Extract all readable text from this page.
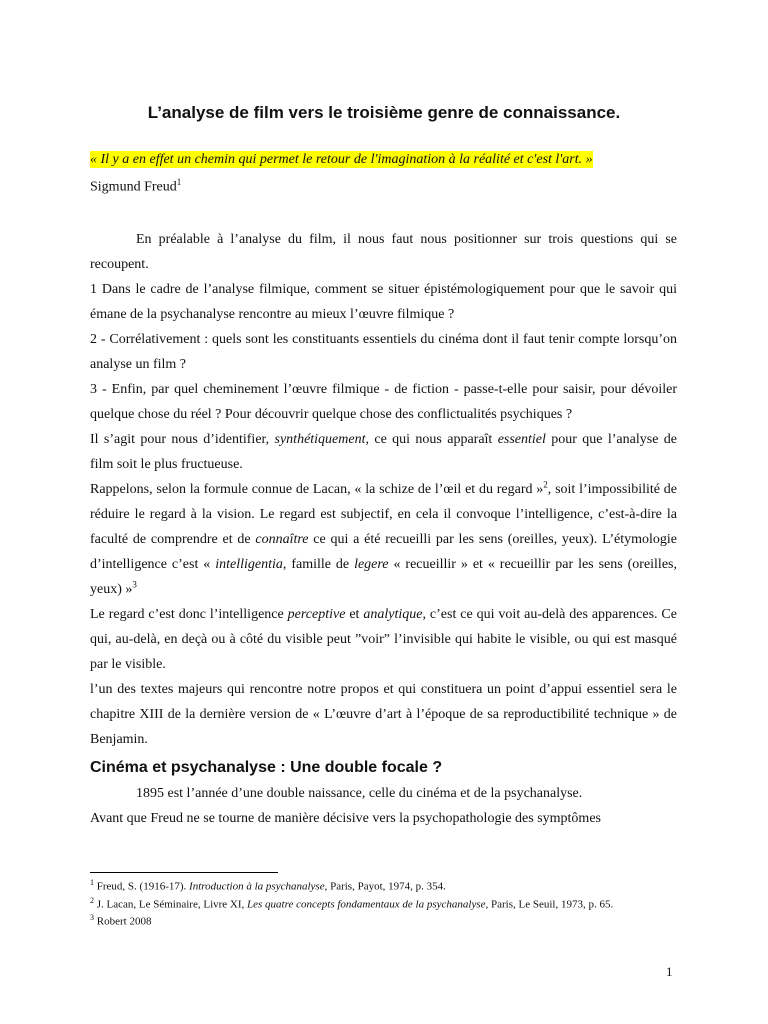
L’analyse de film vers le troisième genre de connaissance.
« Il y a en effet un chemin qui permet le retour de l'imagination à la réalité et c'est l'art. »
Sigmund Freud$^1$

En préalable à l’analyse du film, il nous faut nous positionner sur trois questions qui se recoupent.

1 Dans le cadre de l’analyse filmique, comment se situer épistémologiquement pour que le savoir qui émane de la psychanalyse rencontre au mieux l’œuvre filmique ?

2 - Corrélativement : quels sont les constituants essentiels du cinéma dont il faut tenir compte lorsqu’on analyse un film ?

3 - Enfin, par quel cheminement l’œuvre filmique - de fiction - passe-t-elle pour saisir, pour dévoiler quelque chose du réel ? Pour découvrir quelque chose des conflictualités psychiques ?

Il s’agit pour nous d’identifier, synthétiquement, ce qui nous apparaît essentiel pour que l’analyse de film soit le plus fructueuse.

Rappelons, selon la formule connue de Lacan, « la schize de l’œil et du regard »$^2$, soit l’impossibilité de réduire le regard à la vision. Le regard est subjectif, en cela il convoque l’intelligence, c’est-à-dire la faculté de comprendre et de connaître ce qui a été recueilli par les sens (oreilles, yeux). L’étymologie d’intelligence c’est « intelligentia, famille de legere « recueillir » et « recueillir par les sens (oreilles, yeux) »$^3$

Le regard c’est donc l’intelligence perceptive et analytique, c’est ce qui voit au-delà des apparences. Ce qui, au-delà, en deçà ou à côté du visible peut ”voir” l’invisible qui habite le visible, ou qui est masqué par le visible.

l’un des textes majeurs qui rencontre notre propos et qui constituera un point d’appui essentiel sera le chapitre XIII de la dernière version de « L’œuvre d’art à l’époque de sa reproductibilité technique » de Benjamin.

Cinéma et psychanalyse : Une double focale ?

1895 est l’année d’une double naissance, celle du cinéma et de la psychanalyse.

Avant que Freud ne se tourne de manière décisive vers la psychopathologie des symptômes

$^1$ Freud, S. (1916-17). Introduction à la psychanalyse, Paris, Payot, 1974, p. 354.

$^2$ J. Lacan, Le Séminaire, Livre XI, Les quatre concepts fondamentaux de la psychanalyse, Paris, Le Seuil, 1973, p. 65.

$^3$ Robert 2008

1
